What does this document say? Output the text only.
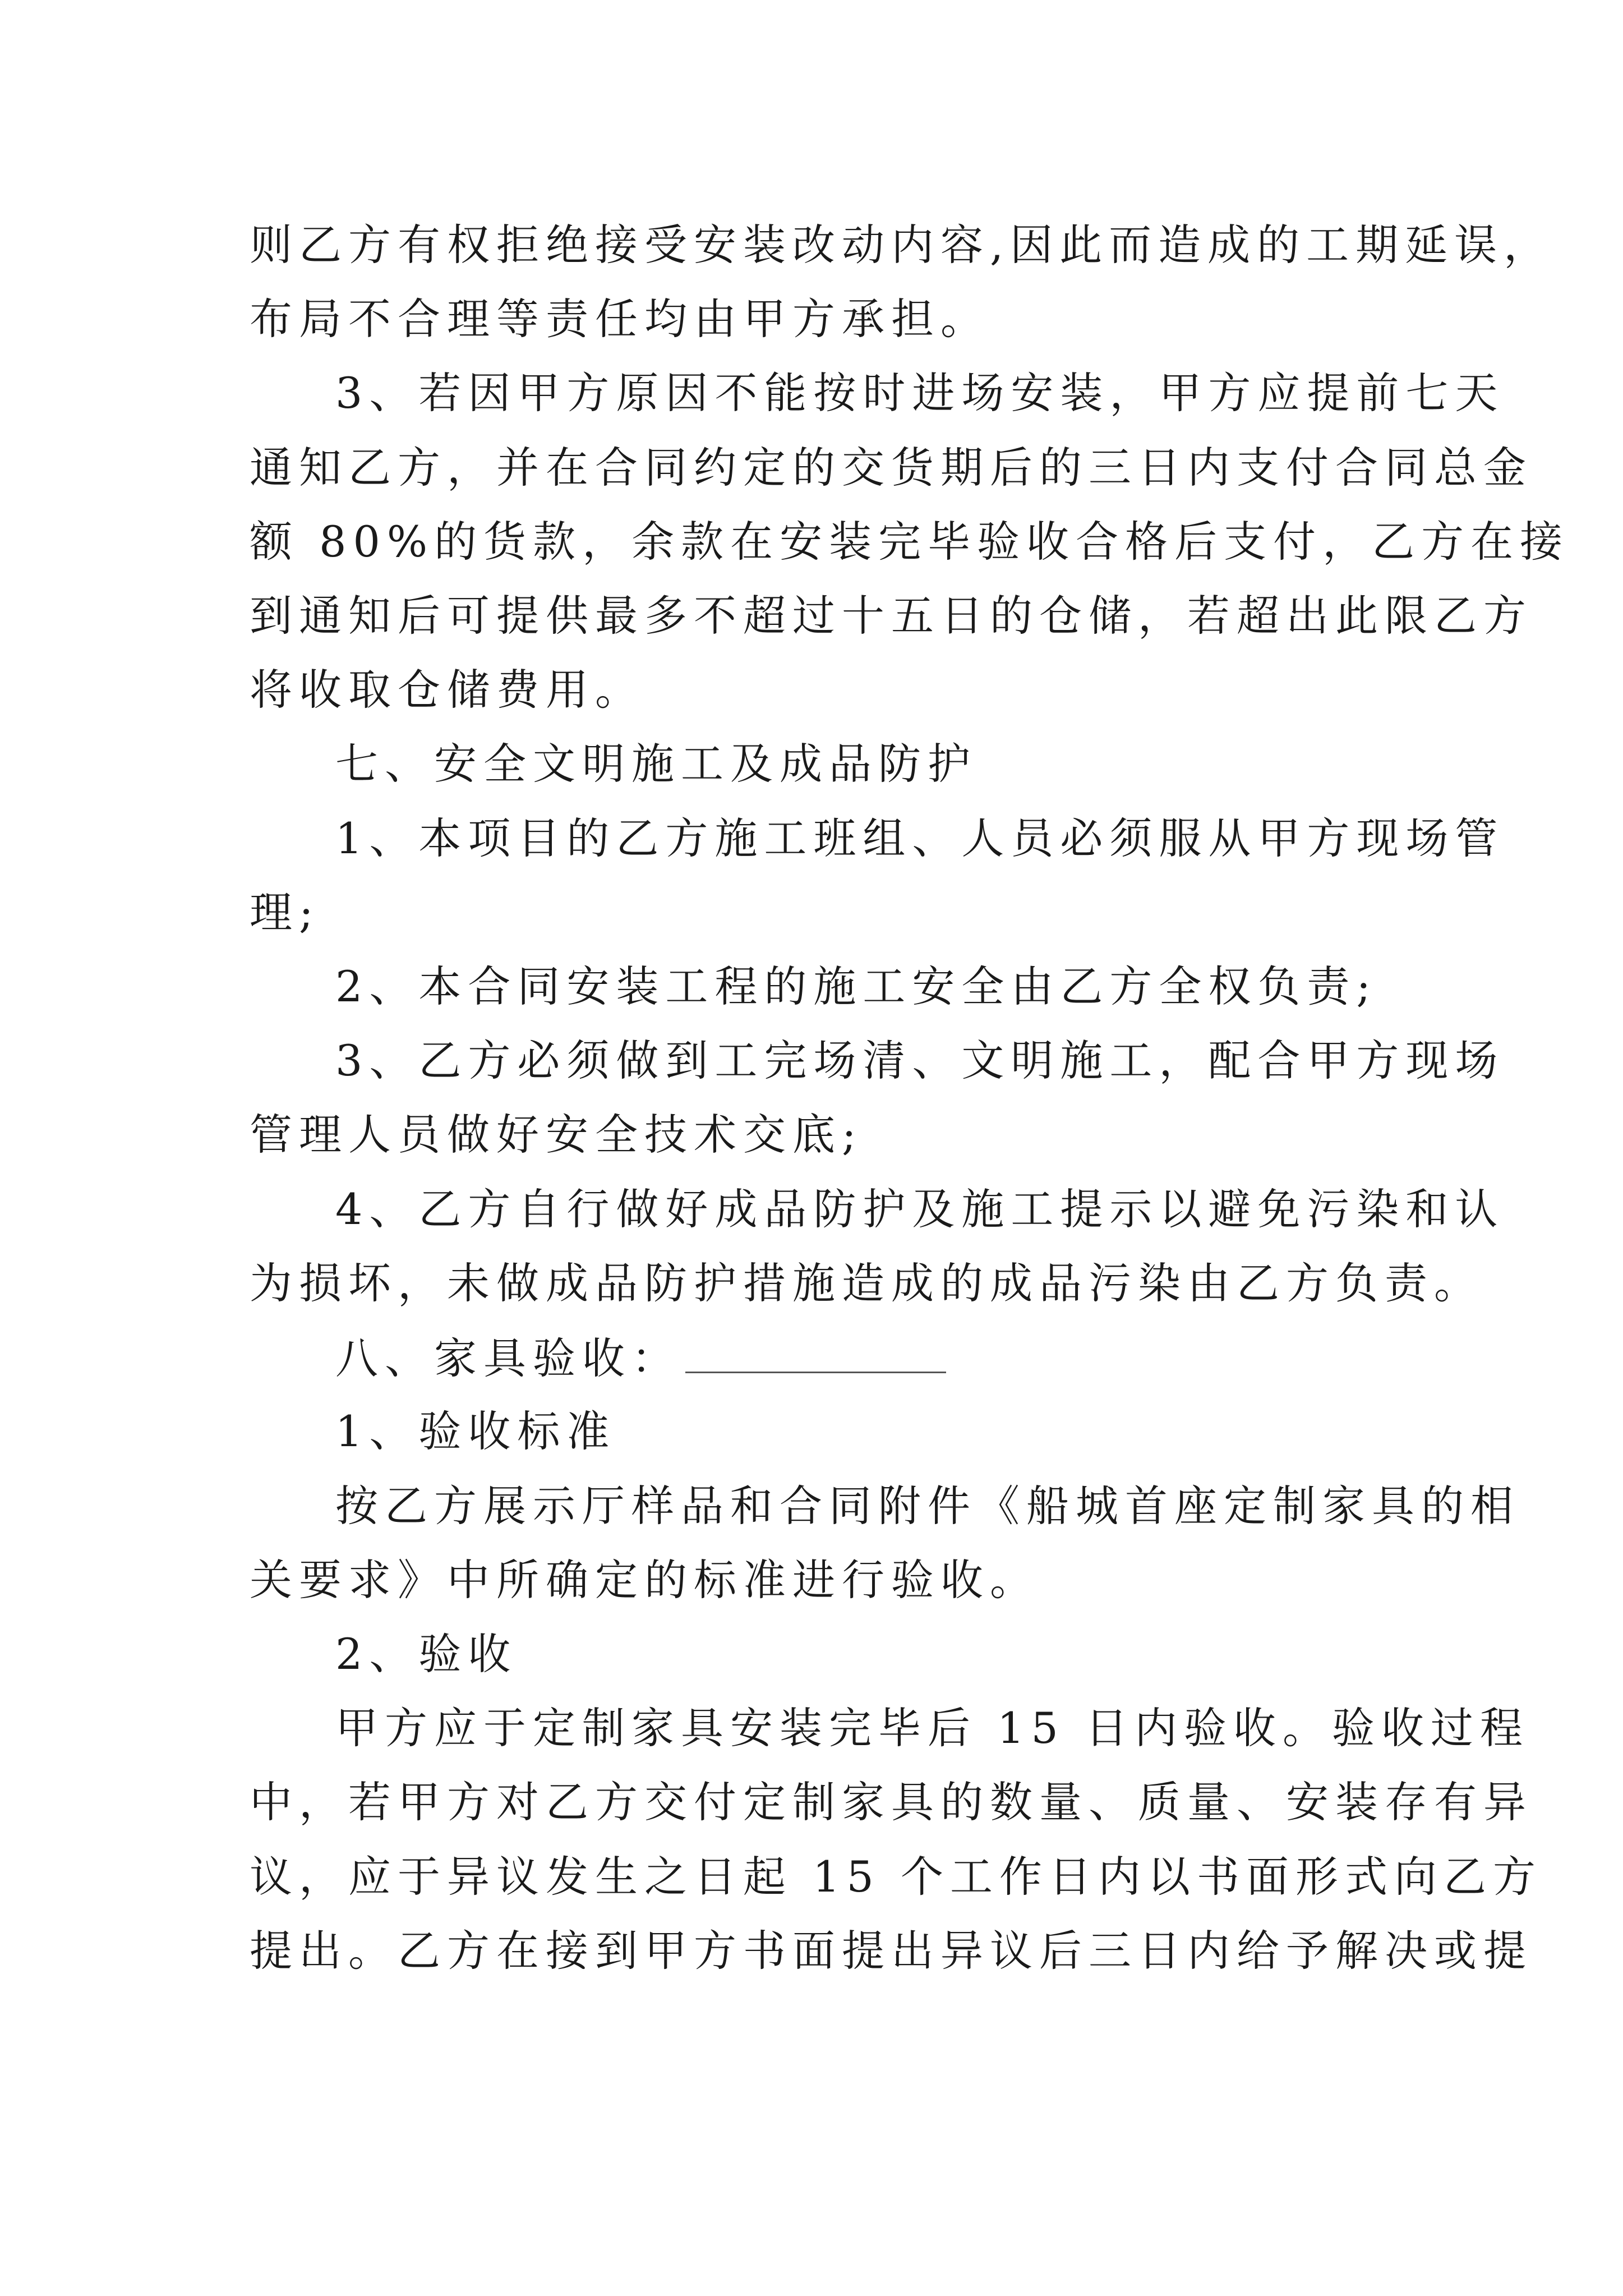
则乙方有权拒绝接受安装改动内容,因此而造成的工期延误，
布局不合理等责任均由甲方承担。
3、若因甲方原因不能按时进场安装，甲方应提前七天
通知乙方，并在合同约定的交货期后的三日内支付合同总金
额 80%的货款，余款在安装完毕验收合格后支付，乙方在接
到通知后可提供最多不超过十五日的仓储，若超出此限乙方
将收取仓储费用。
七、安全文明施工及成品防护
1、本项目的乙方施工班组、人员必须服从甲方现场管
理;
2、本合同安装工程的施工安全由乙方全权负责;
3、乙方必须做到工完场清、文明施工，配合甲方现场
管理人员做好安全技术交底;
4、乙方自行做好成品防护及施工提示以避免污染和认
为损坏，未做成品防护措施造成的成品污染由乙方负责。
八、家具验收：
1、验收标准
按乙方展示厅样品和合同附件《船城首座定制家具的相
关要求》中所确定的标准进行验收。
2、验收
甲方应于定制家具安装完毕后 15 日内验收。验收过程
中，若甲方对乙方交付定制家具的数量、质量、安装存有异
议，应于异议发生之日起 15 个工作日内以书面形式向乙方
提出。乙方在接到甲方书面提出异议后三日内给予解决或提
